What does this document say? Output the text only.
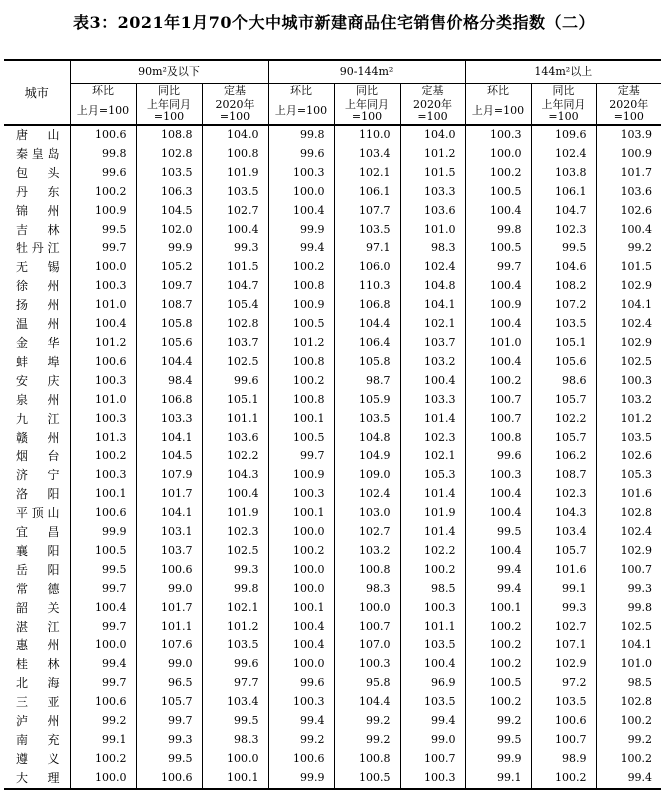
表3：2021年1月70个大中城市新建商品住宅销售价格分类指数（二）
城市	90m²及以下			90-144m²			144m²以上		
	环比	同比	定基	环比	同比	定基	环比	同比	定基
	上月=100	上年同月=100	2020年=100	上月=100	上年同月=100	2020年=100	上月=100	上年同月=100	2020年=100
唐山	100.6	108.8	104.0	99.8	110.0	104.0	100.3	109.6	103.9
秦皇岛	99.8	102.8	100.8	99.6	103.4	101.2	100.0	102.4	100.9
包头	99.6	103.5	101.9	100.3	102.1	101.5	100.2	103.8	101.7
丹东	100.2	106.3	103.5	100.0	106.1	103.3	100.5	106.1	103.6
锦州	100.9	104.5	102.7	100.4	107.7	103.6	100.4	104.7	102.6
吉林	99.5	102.0	100.4	99.9	103.5	101.0	99.8	102.3	100.4
牡丹江	99.7	99.9	99.3	99.4	97.1	98.3	100.5	99.5	99.2
无锡	100.0	105.2	101.5	100.2	106.0	102.4	99.7	104.6	101.5
徐州	100.3	109.7	104.7	100.8	110.3	104.8	100.4	108.2	102.9
扬州	101.0	108.7	105.4	100.9	106.8	104.1	100.9	107.2	104.1
温州	100.4	105.8	102.8	100.5	104.4	102.1	100.4	103.5	102.4
金华	101.2	105.6	103.7	101.2	106.4	103.7	101.0	105.1	102.9
蚌埠	100.6	104.4	102.5	100.8	105.8	103.2	100.4	105.6	102.5
安庆	100.3	98.4	99.6	100.2	98.7	100.4	100.2	98.6	100.3
泉州	101.0	106.8	105.1	100.8	105.9	103.3	100.7	105.7	103.2
九江	100.3	103.3	101.1	100.1	103.5	101.4	100.7	102.2	101.2
赣州	101.3	104.1	103.6	100.5	104.8	102.3	100.8	105.7	103.5
烟台	100.2	104.5	102.2	99.7	104.9	102.1	99.6	106.2	102.6
济宁	100.3	107.9	104.3	100.9	109.0	105.3	100.3	108.7	105.3
洛阳	100.1	101.7	100.4	100.3	102.4	101.4	100.4	102.3	101.6
平顶山	100.6	104.1	101.9	100.1	103.0	101.9	100.4	104.3	102.8
宜昌	99.9	103.1	102.3	100.0	102.7	101.4	99.5	103.4	102.4
襄阳	100.5	103.7	102.5	100.2	103.2	102.2	100.4	105.7	102.9
岳阳	99.5	100.6	99.3	100.0	100.8	100.2	99.4	101.6	100.7
常德	99.7	99.0	99.8	100.0	98.3	98.5	99.4	99.1	99.3
韶关	100.4	101.7	102.1	100.1	100.0	100.3	100.1	99.3	99.8
湛江	99.7	101.1	101.2	100.4	100.7	101.1	100.2	102.7	102.5
惠州	100.0	107.6	103.5	100.4	107.0	103.5	100.2	107.1	104.1
桂林	99.4	99.0	99.6	100.0	100.3	100.4	100.2	102.9	101.0
北海	99.7	96.5	97.7	99.6	95.8	96.9	100.5	97.2	98.5
三亚	100.6	105.7	103.4	100.3	104.4	103.5	100.2	103.5	102.8
泸州	99.2	99.7	99.5	99.4	99.2	99.4	99.2	100.6	100.2
南充	99.1	99.3	98.3	99.2	99.2	99.0	99.5	100.7	99.2
遵义	100.2	99.5	100.0	100.6	100.8	100.7	99.9	98.9	100.2
大理	100.0	100.6	100.1	99.9	100.5	100.3	99.1	100.2	99.4
